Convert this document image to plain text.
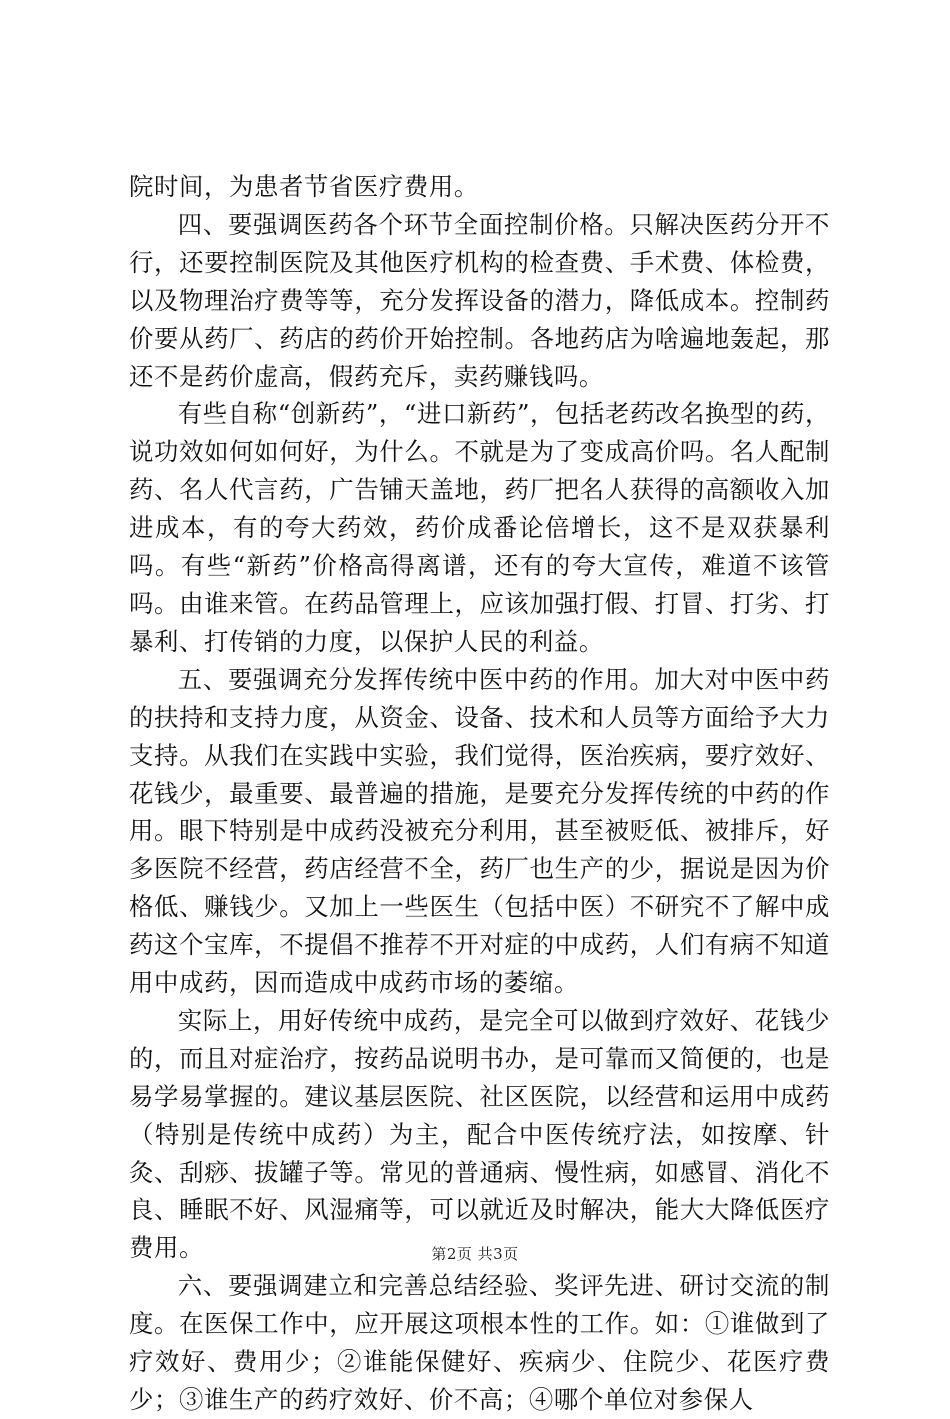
院时间，为患者节省医疗费用。

四、要强调医药各个环节全面控制价格。只解决医药分开不行，还要控制医院及其他医疗机构的检查费、手术费、体检费，以及物理治疗费等等，充分发挥设备的潜力，降低成本。控制药价要从药厂、药店的药价开始控制。各地药店为啥遍地轰起，那还不是药价虚高，假药充斥，卖药赚钱吗。

有些自称“创新药”，“进口新药”，包括老药改名换型的药，说功效如何如何好，为什么。不就是为了变成高价吗。名人配制药、名人代言药，广告铺天盖地，药厂把名人获得的高额收入加进成本，有的夸大药效，药价成番论倍增长，这不是双获暴利吗。有些“新药”价格高得离谱，还有的夸大宣传，难道不该管吗。由谁来管。在药品管理上，应该加强打假、打冒、打劣、打暴利、打传销的力度，以保护人民的利益。

五、要强调充分发挥传统中医中药的作用。加大对中医中药的扶持和支持力度，从资金、设备、技术和人员等方面给予大力支持。从我们在实践中实验，我们觉得，医治疾病，要疗效好、花钱少，最重要、最普遍的措施，是要充分发挥传统的中药的作用。眼下特别是中成药没被充分利用，甚至被贬低、被排斥，好多医院不经营，药店经营不全，药厂也生产的少，据说是因为价格低、赚钱少。又加上一些医生（包括中医）不研究不了解中成药这个宝库，不提倡不推荐不开对症的中成药，人们有病不知道用中成药，因而造成中成药市场的萎缩。

实际上，用好传统中成药，是完全可以做到疗效好、花钱少的，而且对症治疗，按药品说明书办，是可靠而又简便的，也是易学易掌握的。建议基层医院、社区医院，以经营和运用中成药（特别是传统中成药）为主，配合中医传统疗法，如按摩、针灸、刮痧、拔罐子等。常见的普通病、慢性病，如感冒、消化不良、睡眠不好、风湿痛等，可以就近及时解决，能大大降低医疗费用。

六、要强调建立和完善总结经验、奖评先进、研讨交流的制度。在医保工作中，应开展这项根本性的工作。如：①谁做到了疗效好、费用少；②谁能保健好、疾病少、住院少、花医疗费少；③谁生产的药疗效好、价不高；④哪个单位对参保人

第2页 共3页
